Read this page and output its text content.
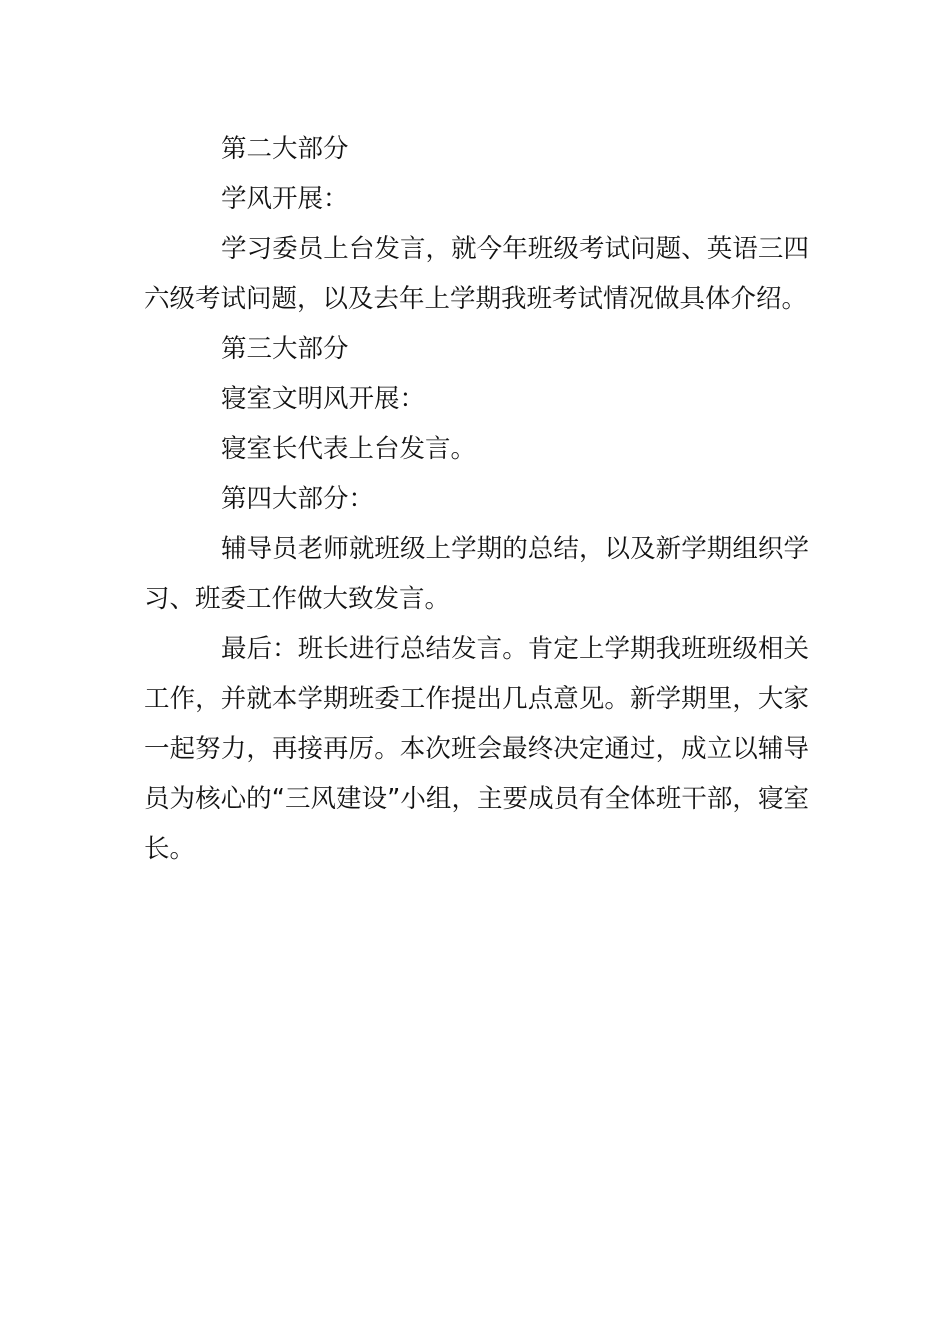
第二大部分

学风开展：

学习委员上台发言，就今年班级考试问题、英语三四六级考试问题，以及去年上学期我班考试情况做具体介绍。

第三大部分

寝室文明风开展：

寝室长代表上台发言。

第四大部分：

辅导员老师就班级上学期的总结，以及新学期组织学习、班委工作做大致发言。

最后：班长进行总结发言。肯定上学期我班班级相关工作，并就本学期班委工作提出几点意见。新学期里，大家一起努力，再接再厉。本次班会最终决定通过，成立以辅导员为核心的“三风建设”小组，主要成员有全体班干部，寝室长。
